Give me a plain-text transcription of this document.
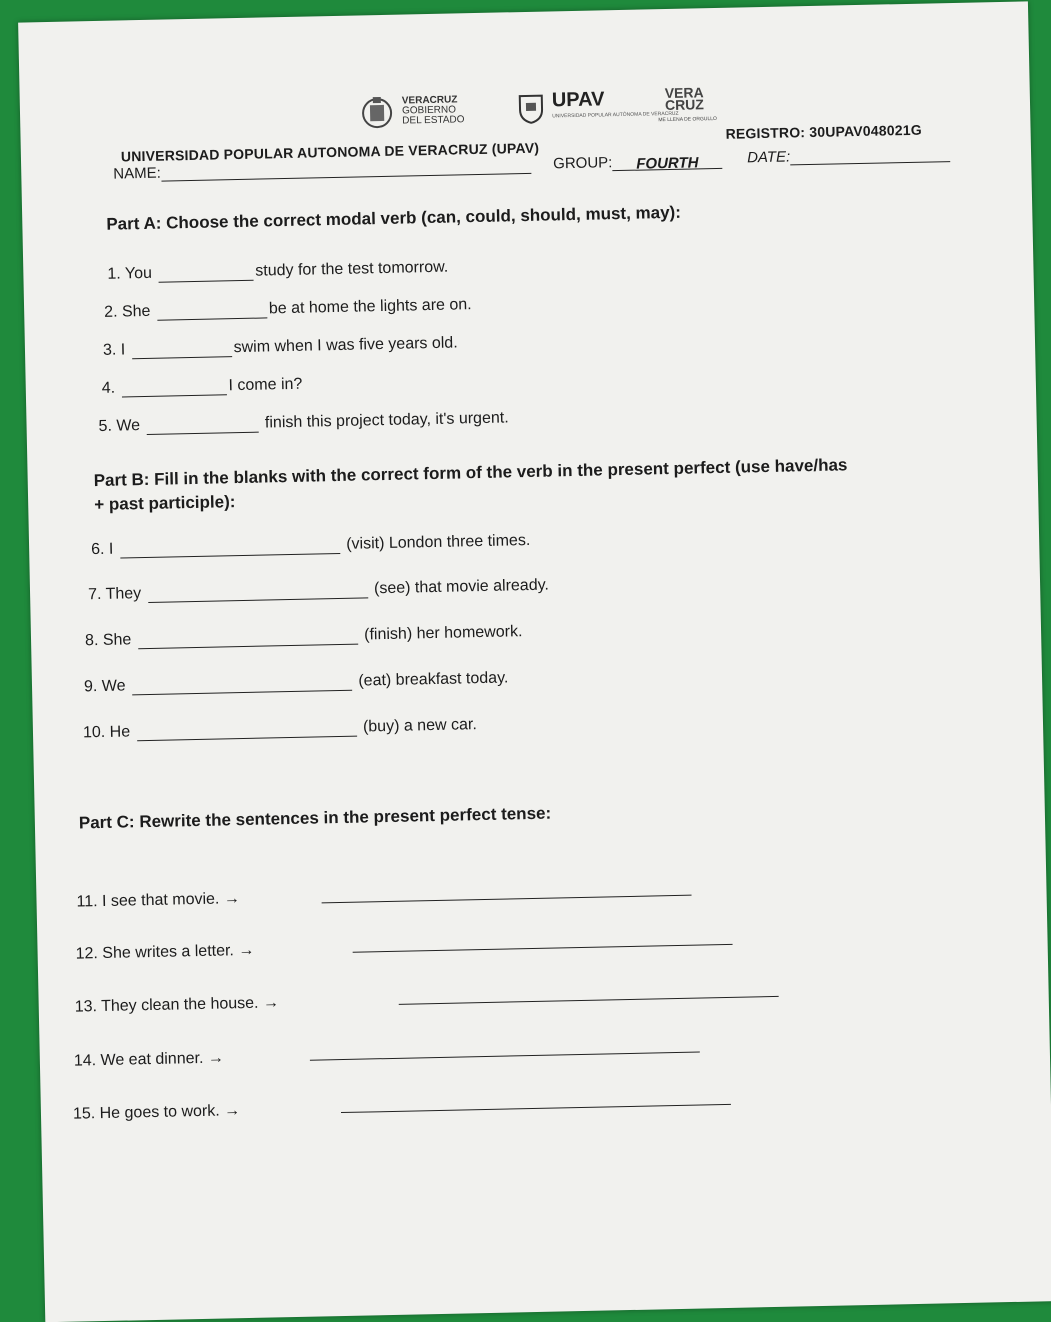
VERACRUZ
GOBIERNO
DEL ESTADO
UPAV
UNIVERSIDAD POPULAR AUTÓNOMA DE VERACRUZ
VERA
CRUZ
ME LLENA DE ORGULLO
UNIVERSIDAD POPULAR AUTONOMA DE VERACRUZ (UPAV)
REGISTRO: 30UPAV048021G
NAME:
GROUP: FOURTH	DATE:
Part A: Choose the correct modal verb (can, could, should, must, may):
1. You	study for the test tomorrow.
2. She	be at home the lights are on.
3. I	swim when I was five years old.
4.	I come in?
5. We	finish this project today, it's urgent.
Part B: Fill in the blanks with the correct form of the verb in the present perfect (use have/has
+ past participle):
6. I	(visit) London three times.
7. They	(see) that movie already.
8. She	(finish) her homework.
9. We	(eat) breakfast today.
10. He	(buy) a new car.
Part C: Rewrite the sentences in the present perfect tense:
11. I see that movie. →
12. She writes a letter. →
13. They clean the house. →
14. We eat dinner. →
15. He goes to work. →
